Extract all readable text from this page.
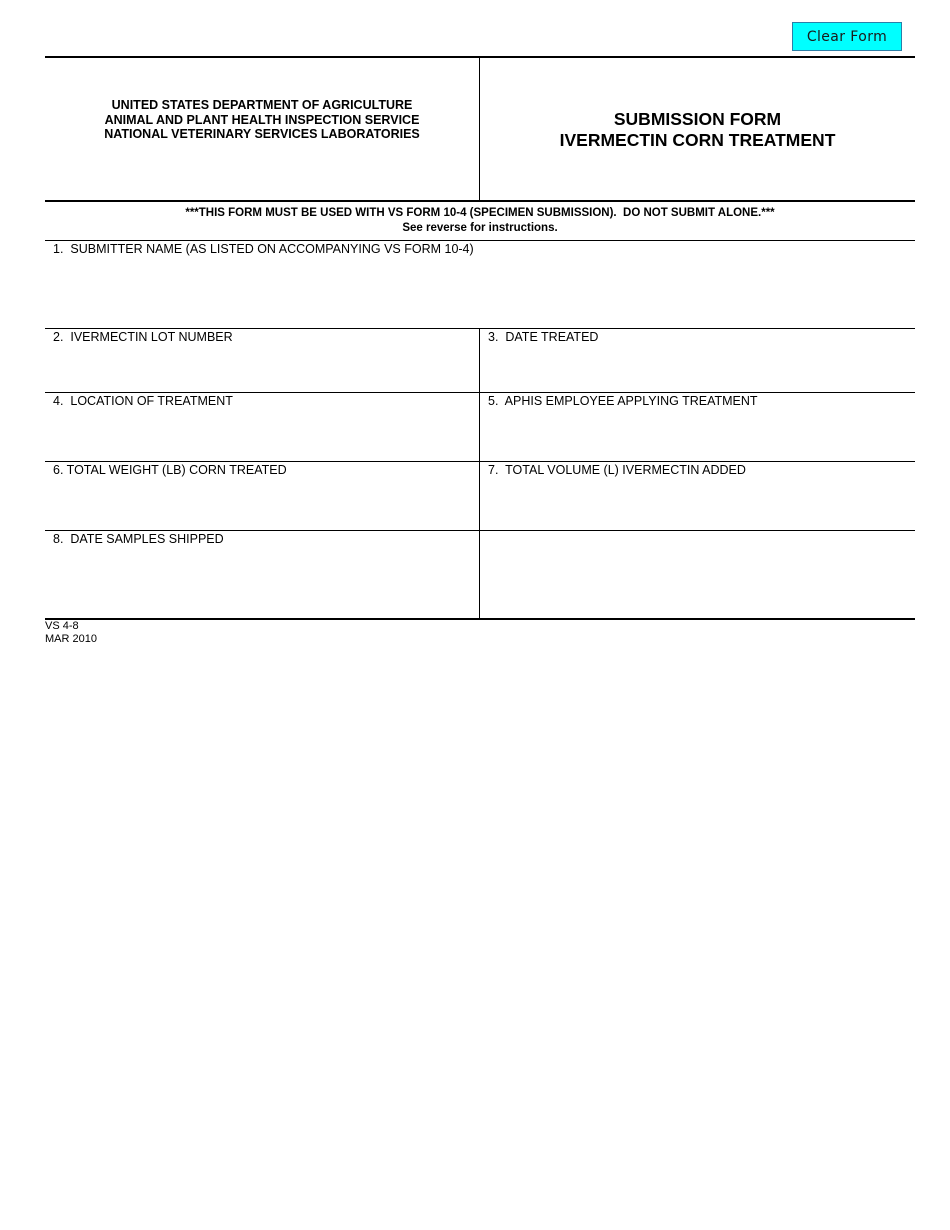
Clear Form
UNITED STATES DEPARTMENT OF AGRICULTURE
ANIMAL AND PLANT HEALTH INSPECTION SERVICE
NATIONAL VETERINARY SERVICES LABORATORIES
SUBMISSION FORM
IVERMECTIN CORN TREATMENT
***THIS FORM MUST BE USED WITH VS FORM 10-4 (SPECIMEN SUBMISSION).  DO NOT SUBMIT ALONE.***
See reverse for instructions.
1.  SUBMITTER NAME (AS LISTED ON ACCOMPANYING VS FORM 10-4)
2.  IVERMECTIN LOT NUMBER	3.  DATE TREATED
4.  LOCATION OF TREATMENT	5.  APHIS EMPLOYEE APPLYING TREATMENT
6. TOTAL WEIGHT (LB) CORN TREATED	7.  TOTAL VOLUME (L) IVERMECTIN ADDED
8.  DATE SAMPLES SHIPPED
VS 4-8
MAR 2010
